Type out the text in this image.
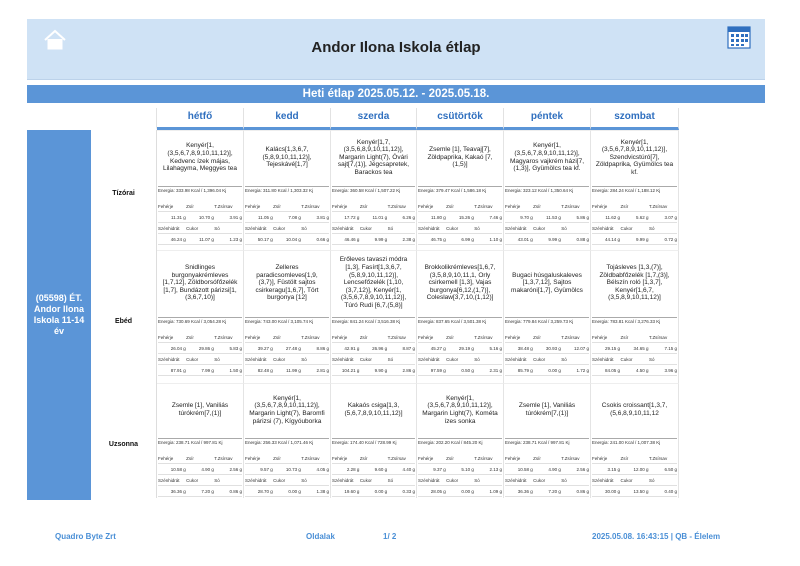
Andor Ilona Iskola étlap
Heti étlap 2025.05.12. - 2025.05.18.
hétfő	kedd	szerda	csütörtök	péntek	szombat
(05598) ÉT. Andor Ilona Iskola 11-14 év
Tízórai
Kenyér[1,(3,5,6,7,8,9,10,11,12)], Kedvenc ízek májas, Lilahagyma, Meggyes tea
Energia: 333.98 Kcal / 1,396.04 Kj
Fehérje	Zsír	T.Zsírsav
11.31 g	10.70 g	3.91 g
Szénhidrát	Cukor	Só
46.24 g	11.07 g	1.23 g
Kalács[1,3,6,7,(5,8,9,10,11,12)], Tejeskávé[1,7]
Energia: 311.80 Kcal / 1,303.32 Kj
Fehérje	Zsír	T.Zsírsav
11.05 g	7.08 g	3.81 g
Szénhidrát	Cukor	Só
50.17 g	10.04 g	0.66 g
Kenyér[1,7,(3,5,6,8,9,10,11,12)], Margarin Light(7), Óvári sajt[7,(1)], Jégcsapretek, Barackos tea
Energia: 360.58 Kcal / 1,507.22 Kj
Fehérje	Zsír	T.Zsírsav
17.72 g	11.01 g	6.26 g
Szénhidrát	Cukor	Só
46.46 g	9.99 g	2.38 g
Zsemle [1], Teavaj[7], Zöldpaprika, Kakaó [7,(1,5)]
Energia: 379.47 Kcal / 1,586.18 Kj
Fehérje	Zsír	T.Zsírsav
11.80 g	15.26 g	7.46 g
Szénhidrát	Cukor	Só
46.75 g	6.99 g	1.10 g
Kenyér[1,(3,5,6,7,8,9,10,11,12)], Magyaros vajkrém házi[7,(1,3)], Gyümölcs tea kf.
Energia: 323.12 Kcal / 1,350.64 Kj
Fehérje	Zsír	T.Zsírsav
9.70 g	11.53 g	5.86 g
Szénhidrát	Cukor	Só
43.01 g	9.99 g	0.88 g
Kenyér[1,(3,5,6,7,8,9,10,11,12)], Szendvicstúró[7], Zöldpaprika, Gyümölcs tea kf.
Energia: 284.24 Kcal / 1,188.12 Kj
Fehérje	Zsír	T.Zsírsav
11.62 g	5.62 g	3.07 g
Szénhidrát	Cukor	Só
44.14 g	9.99 g	0.72 g
Ebéd
Snidlinges burgonyakrémleves [1,7,12], Zöldborsófőzelék [1,7], Bundázott párizsi[1,(3,6,7,10)]
Energia: 730.69 Kcal / 3,054.28 Kj
Fehérje	Zsír	T.Zsírsav
26.04 g	29.86 g	5.83 g
Szénhidrát	Cukor	Só
87.91 g	7.99 g	1.50 g
Zelleres paradicsomleves[1,9,(3,7)], Füstölt sajtos csirkeragu[1,6,7], Tört burgonya [12]
Energia: 743.00 Kcal / 3,105.74 Kj
Fehérje	Zsír	T.Zsírsav
39.27 g	27.48 g	8.86 g
Szénhidrát	Cukor	Só
82.48 g	11.99 g	2.81 g
Erőleves tavaszi módra [1,3], Fasírt[1,3,6,7,(5,8,9,10,11,12)], Lencsefőzelék [1,10,(3,7,12)], Kenyér[1,(3,5,6,7,8,9,10,11,12)], Túró Rudi [6,7,(5,8)]
Energia: 841.24 Kcal / 3,516.38 Kj
Fehérje	Zsír	T.Zsírsav
42.91 g	26.96 g	8.87 g
Szénhidrát	Cukor	Só
104.21 g	9.90 g	2.86 g
Brokkolikrémleves[1,6,7,(3,5,8,9,10,11,1, Orly csirkemell [1,3], Vajas burgonya[6,12,(1,7)], Coleslaw[3,7,10,(1,12)]
Energia: 837.65 Kcal / 3,501.38 Kj
Fehérje	Zsír	T.Zsírsav
45.27 g	29.19 g	5.16 g
Szénhidrát	Cukor	Só
97.59 g	0.50 g	2.31 g
Bugaci húsgaluskaleves [1,3,7,12], Sajtos makaróni[1,7], Gyümölcs
Energia: 779.84 Kcal / 3,259.73 Kj
Fehérje	Zsír	T.Zsírsav
38.48 g	30.93 g	12.07 g
Szénhidrát	Cukor	Só
85.79 g	0.00 g	1.72 g
Tojásleves [1,3,(7)], Zöldbabfőzelék [1,7,(3)], Bélszín roló [1,3,7], Kenyér[1,6,7,(3,5,8,9,10,11,12)]
Energia: 783.81 Kcal / 3,276.33 Kj
Fehérje	Zsír	T.Zsírsav
29.15 g	34.65 g	7.15 g
Szénhidrát	Cukor	Só
84.05 g	4.50 g	3.96 g
Uzsonna
Zsemle [1], Vaniliás túrókrém[7,(1)]
Energia: 238.71 Kcal / 997.81 Kj
Fehérje	Zsír	T.Zsírsav
10.58 g	4.90 g	2.56 g
Szénhidrát	Cukor	Só
36.36 g	7.20 g	0.86 g
Kenyér[1,(3,5,6,7,8,9,10,11,12)], Margarin Light(7), Baromfi párizsi (7), Kígyóuborka
Energia: 256.33 Kcal / 1,071.46 Kj
Fehérje	Zsír	T.Zsírsav
9.57 g	10.73 g	4.05 g
Szénhidrát	Cukor	Só
28.70 g	0.00 g	1.38 g
Kakaós csiga[1,3,(5,6,7,8,9,10,11,12)]
Energia: 174.40 Kcal / 728.99 Kj
Fehérje	Zsír	T.Zsírsav
2.28 g	9.60 g	4.40 g
Szénhidrát	Cukor	Só
19.60 g	0.00 g	0.33 g
Kenyér[1,(3,5,6,7,8,9,10,11,12)], Margarin Light(7), Kométa ízes sonka
Energia: 202.20 Kcal / 845.20 Kj
Fehérje	Zsír	T.Zsírsav
9.37 g	5.10 g	2.13 g
Szénhidrát	Cukor	Só
28.05 g	0.00 g	1.09 g
Zsemle [1], Vaniliás túrókrém[7,(1)]
Energia: 238.71 Kcal / 997.81 Kj
Fehérje	Zsír	T.Zsírsav
10.58 g	4.90 g	2.56 g
Szénhidrát	Cukor	Só
36.36 g	7.20 g	0.86 g
Csokis croissant[1,3,7,(5,6,8,9,10,11,12
Energia: 241.00 Kcal / 1,007.38 Kj
Fehérje	Zsír	T.Zsírsav
3.15 g	12.00 g	6.50 g
Szénhidrát	Cukor	Só
30.00 g	13.50 g	0.40 g
Quadro Byte Zrt	Oldalak	1/ 2	2025.05.08. 16:43:15 | QB - Élelem
